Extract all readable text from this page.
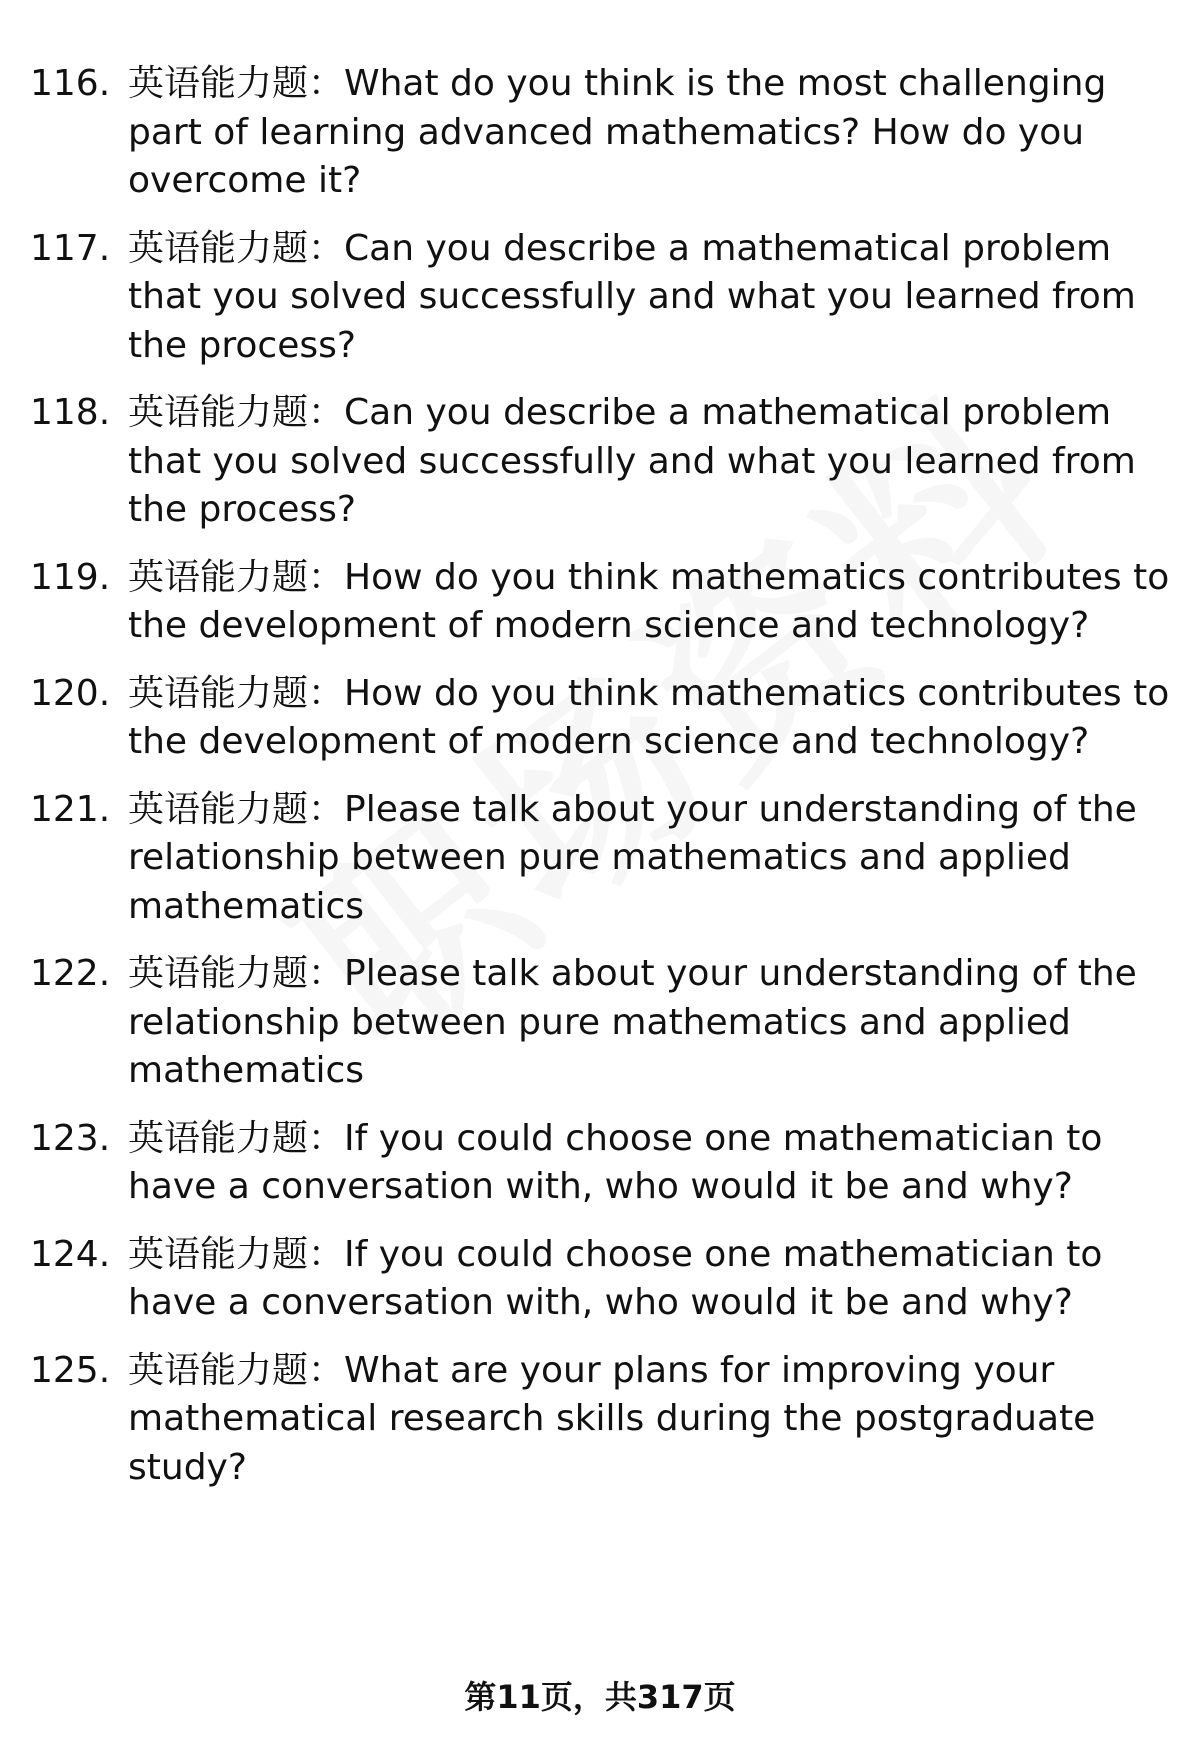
116. 英语能力题：What do you think is the most challenging part of learning advanced mathematics? How do you overcome it?
117. 英语能力题：Can you describe a mathematical problem that you solved successfully and what you learned from the process?
118. 英语能力题：Can you describe a mathematical problem that you solved successfully and what you learned from the process?
119. 英语能力题：How do you think mathematics contributes to the development of modern science and technology?
120. 英语能力题：How do you think mathematics contributes to the development of modern science and technology?
121. 英语能力题：Please talk about your understanding of the relationship between pure mathematics and applied mathematics
122. 英语能力题：Please talk about your understanding of the relationship between pure mathematics and applied mathematics
123. 英语能力题：If you could choose one mathematician to have a conversation with, who would it be and why?
124. 英语能力题：If you could choose one mathematician to have a conversation with, who would it be and why?
125. 英语能力题：What are your plans for improving your mathematical research skills during the postgraduate study?
第11页，共317页
